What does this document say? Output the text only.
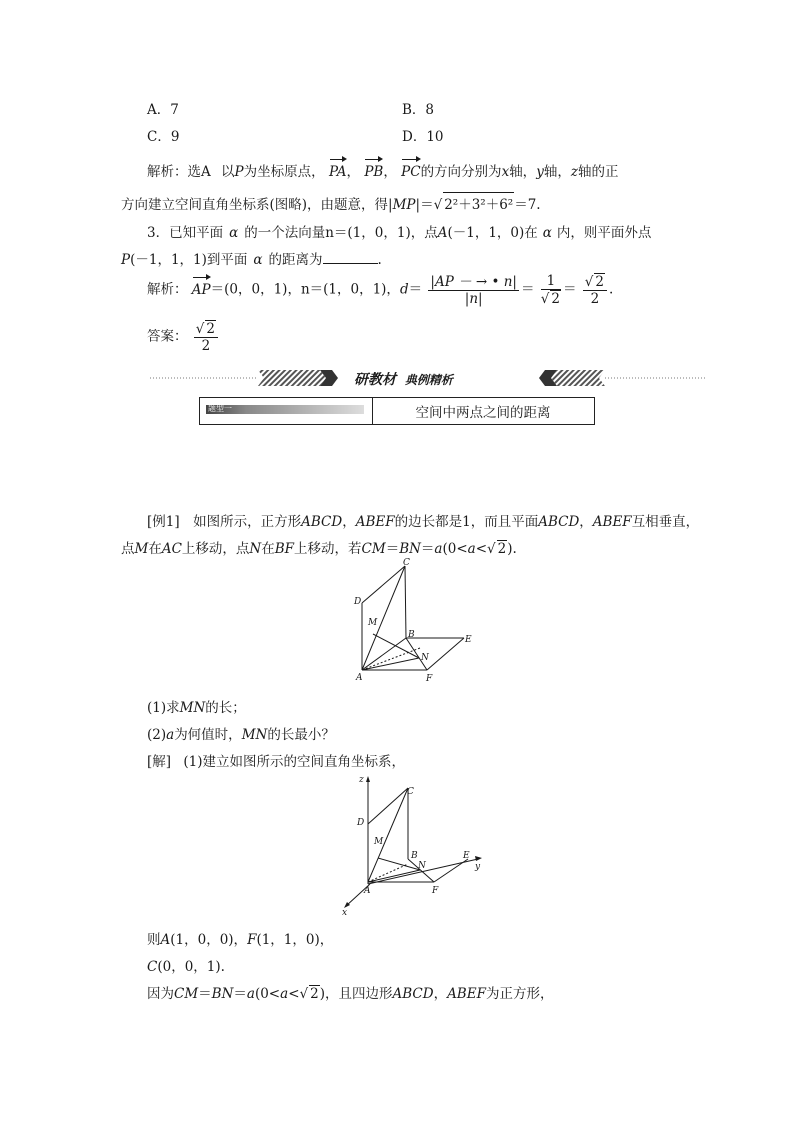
A．7	B．8
C．9	D．10
解析：选A 以P为坐标原点， PA， PB， PC的方向分别为x轴，y轴，z轴的正
方向建立空间直角坐标系(图略)，由题意，得|MP|＝√ 2²＋3²＋6²＝7.
3．已知平面 α 的一个法向量n＝(1，0，1)，点A(－1，1，0)在 α 内，则平面外点
P(－1，1，1)到平面 α 的距离为	.
解析： AP＝(0，0，1)，n＝(1，0，1)，$d= \frac{|AP - \to • n|}{|n|} = \frac{1}{√ 2} = \frac{√ 2}{2}$ .
答案： $\frac{√ 2}{2}$
研教材 典例精析
题型一	空间中两点之间的距离
[例1]　如图所示，正方形ABCD，ABEF的边长都是1，而且平面ABCD，ABEF互相垂直，
点M在AC上移动，点N在BF上移动，若CM＝BN＝a(0<a<√ 2).
C
D
M
B	E
N
A	F
(1)求MN的长；
(2)a为何值时，MN的长最小？
[解] (1)建立如图所示的空间直角坐标系，
z
C
D
M
B
N
E
y
A	F
x
则A(1，0，0)，F(1，1，0)，
C(0，0，1).
因为CM＝BN＝a(0<a<√ 2)，且四边形ABCD，ABEF为正方形，
